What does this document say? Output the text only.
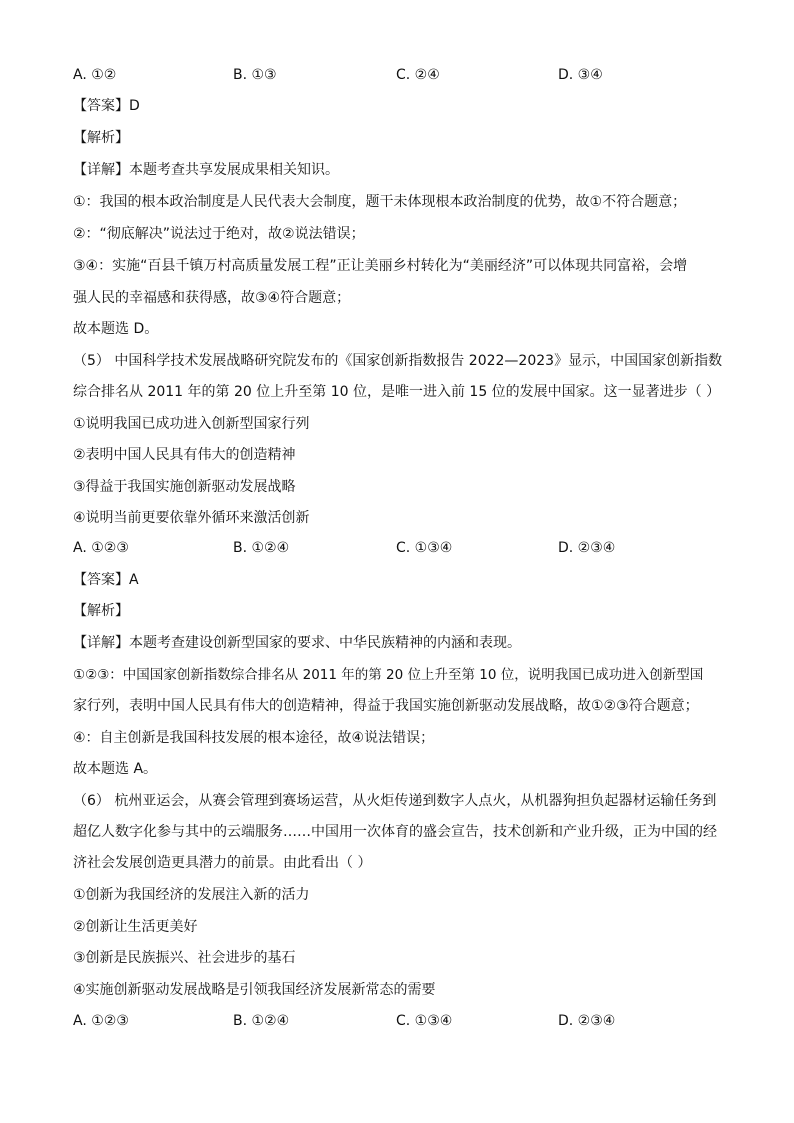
A. ①②	B. ①③	C. ②④	D. ③④
【答案】D
【解析】
【详解】本题考查共享发展成果相关知识。
①：我国的根本政治制度是人民代表大会制度，题干未体现根本政治制度的优势，故①不符合题意；
②：“彻底解决”说法过于绝对，故②说法错误；
③④：实施“百县千镇万村高质量发展工程”正让美丽乡村转化为“美丽经济”可以体现共同富裕，会增
强人民的幸福感和获得感，故③④符合题意；
故本题选 D。
（5） 中国科学技术发展战略研究院发布的《国家创新指数报告 2022—2023》显示，中国国家创新指数
综合排名从 2011 年的第 20 位上升至第 10 位，是唯一进入前 15 位的发展中国家。这一显著进步（ ）
①说明我国已成功进入创新型国家行列
②表明中国人民具有伟大的创造精神
③得益于我国实施创新驱动发展战略
④说明当前更要依靠外循环来激活创新
A. ①②③	B. ①②④	C. ①③④	D. ②③④
【答案】A
【解析】
【详解】本题考查建设创新型国家的要求、中华民族精神的内涵和表现。
①②③：中国国家创新指数综合排名从 2011 年的第 20 位上升至第 10 位，说明我国已成功进入创新型国
家行列，表明中国人民具有伟大的创造精神，得益于我国实施创新驱动发展战略，故①②③符合题意；
④：自主创新是我国科技发展的根本途径，故④说法错误；
故本题选 A。
（6） 杭州亚运会，从赛会管理到赛场运营，从火炬传递到数字人点火，从机器狗担负起器材运输任务到
超亿人数字化参与其中的云端服务……中国用一次体育的盛会宣告，技术创新和产业升级，正为中国的经
济社会发展创造更具潜力的前景。由此看出（ ）
①创新为我国经济的发展注入新的活力
②创新让生活更美好
③创新是民族振兴、社会进步的基石
④实施创新驱动发展战略是引领我国经济发展新常态的需要
A. ①②③	B. ①②④	C. ①③④	D. ②③④
